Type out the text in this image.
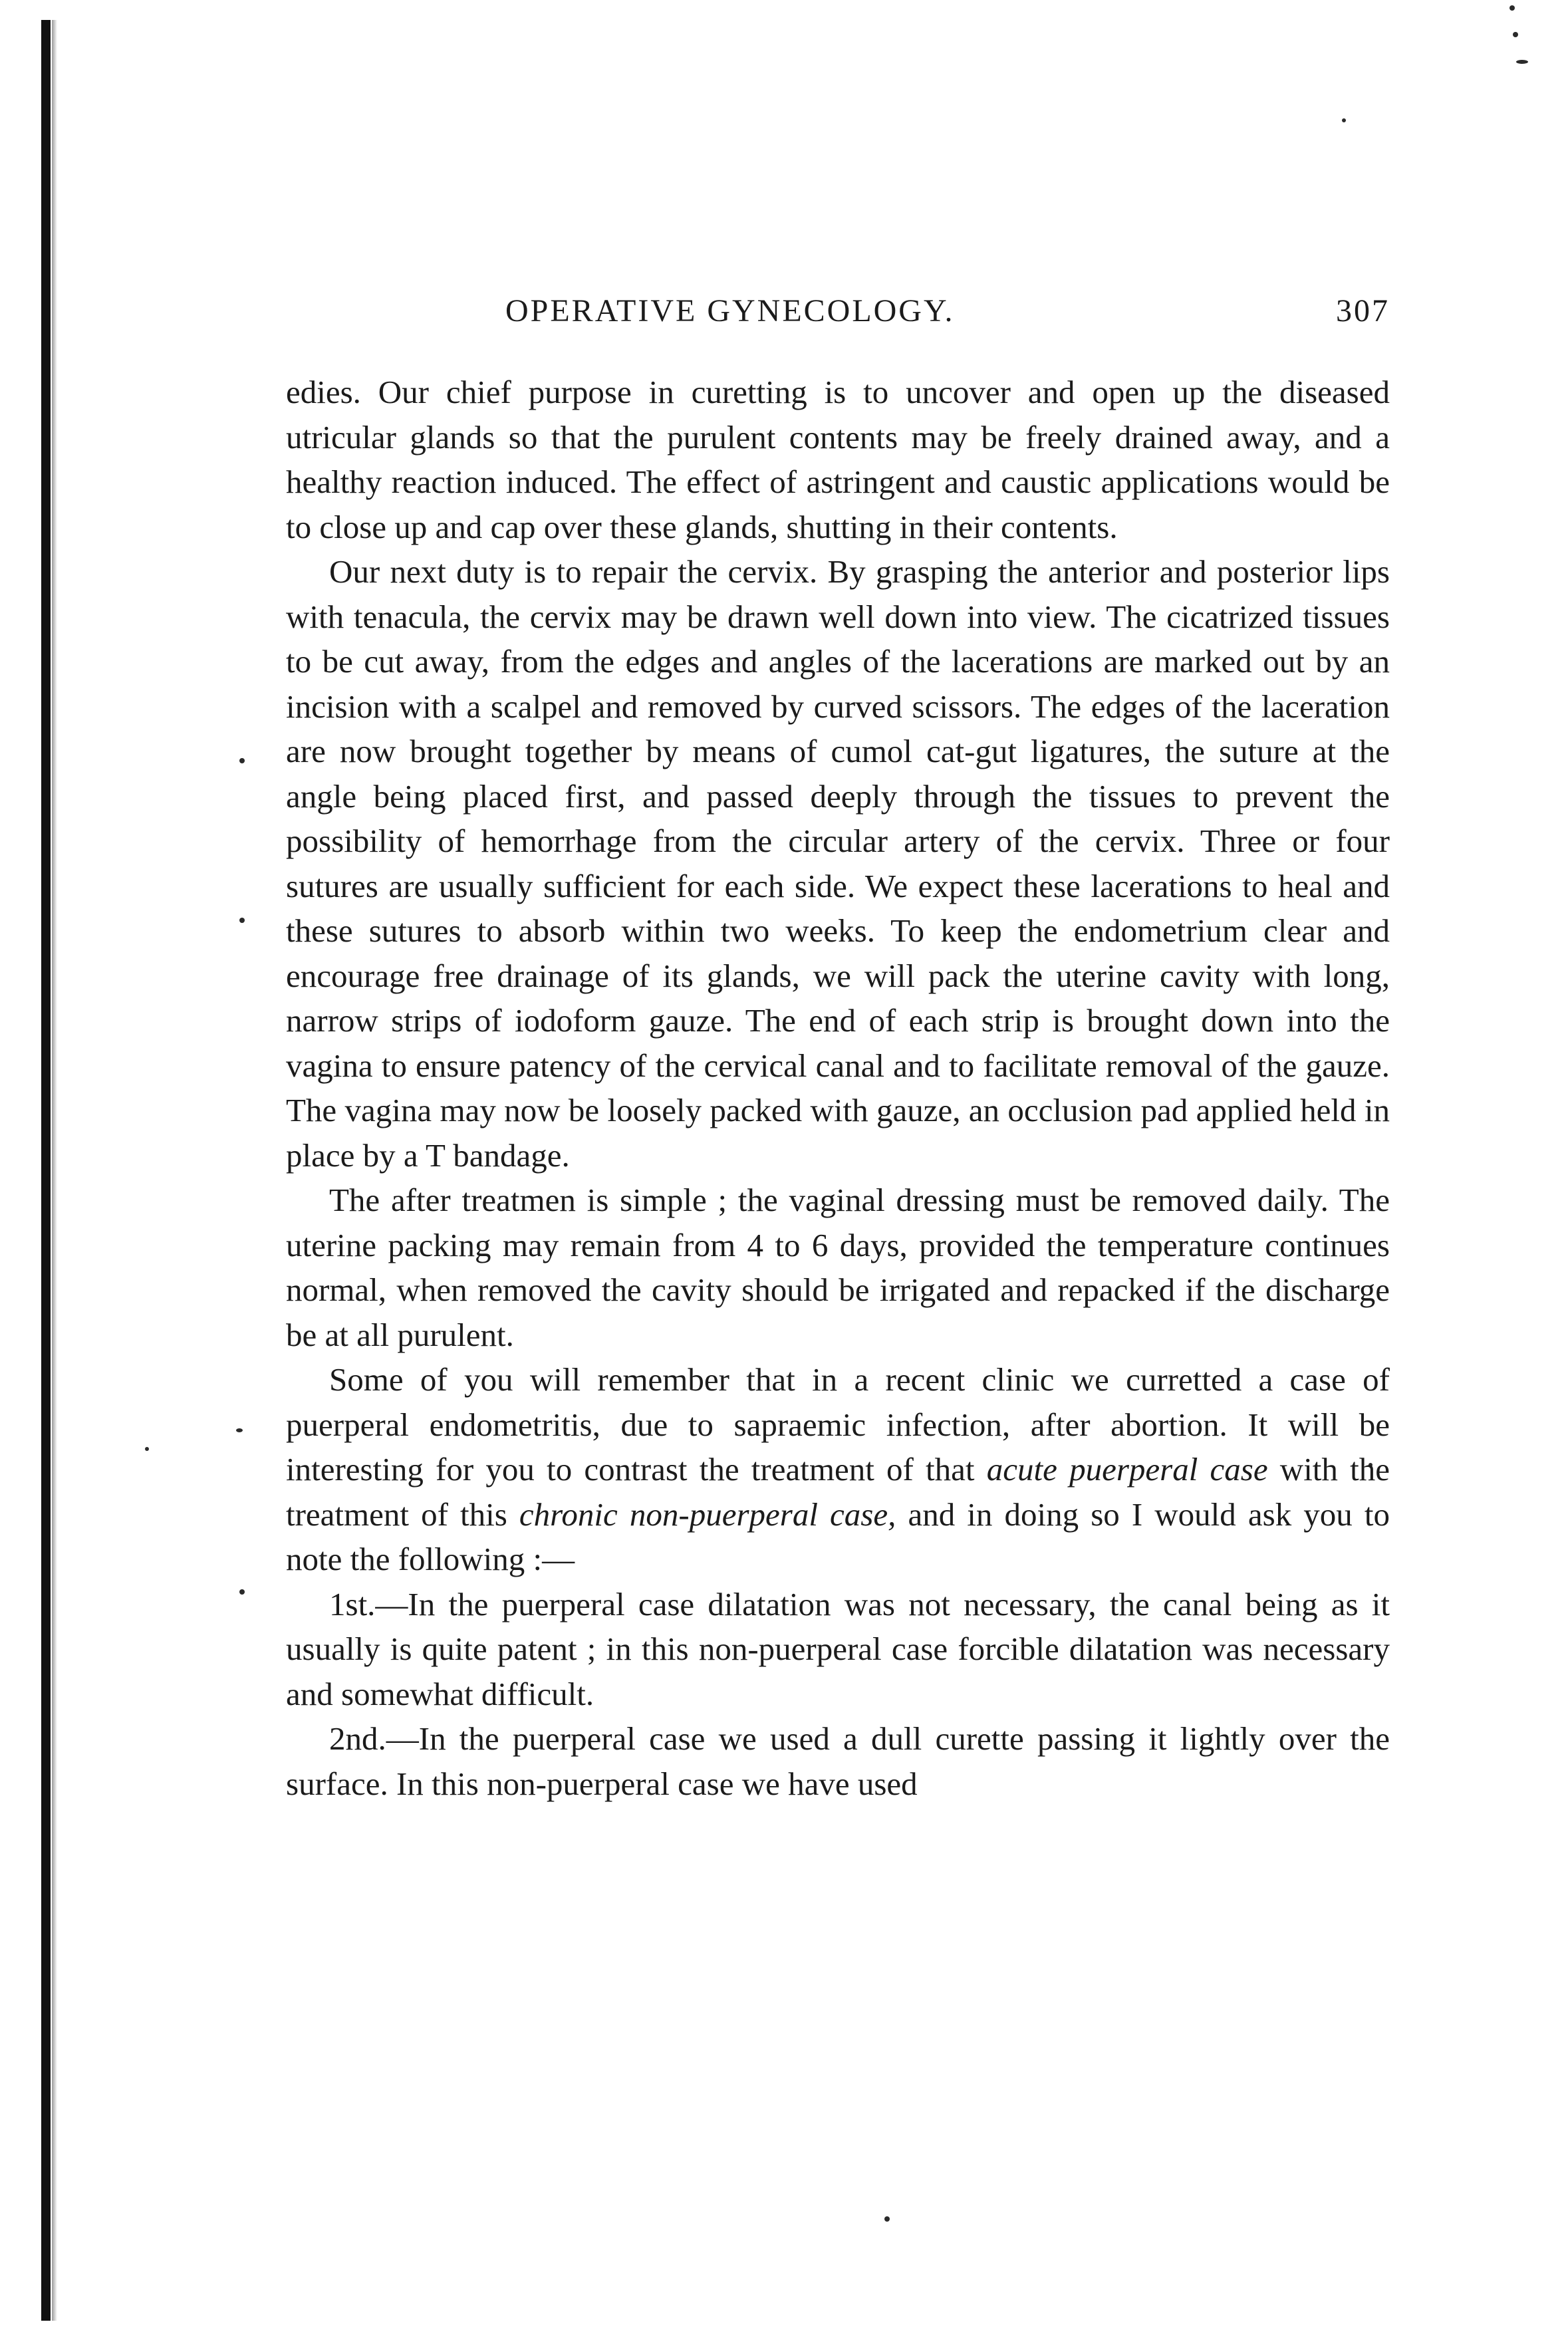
OPERATIVE GYNECOLOGY.	307

edies. Our chief purpose in curetting is to uncover and open up the diseased utricular glands so that the purulent contents may be freely drained away, and a healthy reaction induced. The effect of astringent and caustic applications would be to close up and cap over these glands, shutting in their contents.

Our next duty is to repair the cervix. By grasping the anterior and posterior lips with tenacula, the cervix may be drawn well down into view. The cicatrized tissues to be cut away, from the edges and angles of the lacerations are marked out by an incision with a scalpel and removed by curved scissors. The edges of the laceration are now brought together by means of cumol cat-gut ligatures, the suture at the angle being placed first, and passed deeply through the tissues to prevent the possibility of hemorrhage from the circular artery of the cervix. Three or four sutures are usually sufficient for each side. We expect these lacerations to heal and these sutures to absorb within two weeks. To keep the endometrium clear and encourage free drainage of its glands, we will pack the uterine cavity with long, narrow strips of iodoform gauze. The end of each strip is brought down into the vagina to ensure patency of the cervical canal and to facilitate removal of the gauze. The vagina may now be loosely packed with gauze, an occlusion pad applied held in place by a T bandage.

The after treatmen is simple ; the vaginal dressing must be removed daily. The uterine packing may remain from 4 to 6 days, provided the temperature continues normal, when removed the cavity should be irrigated and repacked if the discharge be at all purulent.

Some of you will remember that in a recent clinic we curretted a case of puerperal endometritis, due to sapraemic infection, after abortion. It will be interesting for you to contrast the treatment of that acute puerperal case with the treatment of this chronic non-puerperal case, and in doing so I would ask you to note the following :—

1st.—In the puerperal case dilatation was not necessary, the canal being as it usually is quite patent ; in this non-puerperal case forcible dilatation was necessary and somewhat difficult.

2nd.—In the puerperal case we used a dull curette passing it lightly over the surface. In this non-puerperal case we have used
